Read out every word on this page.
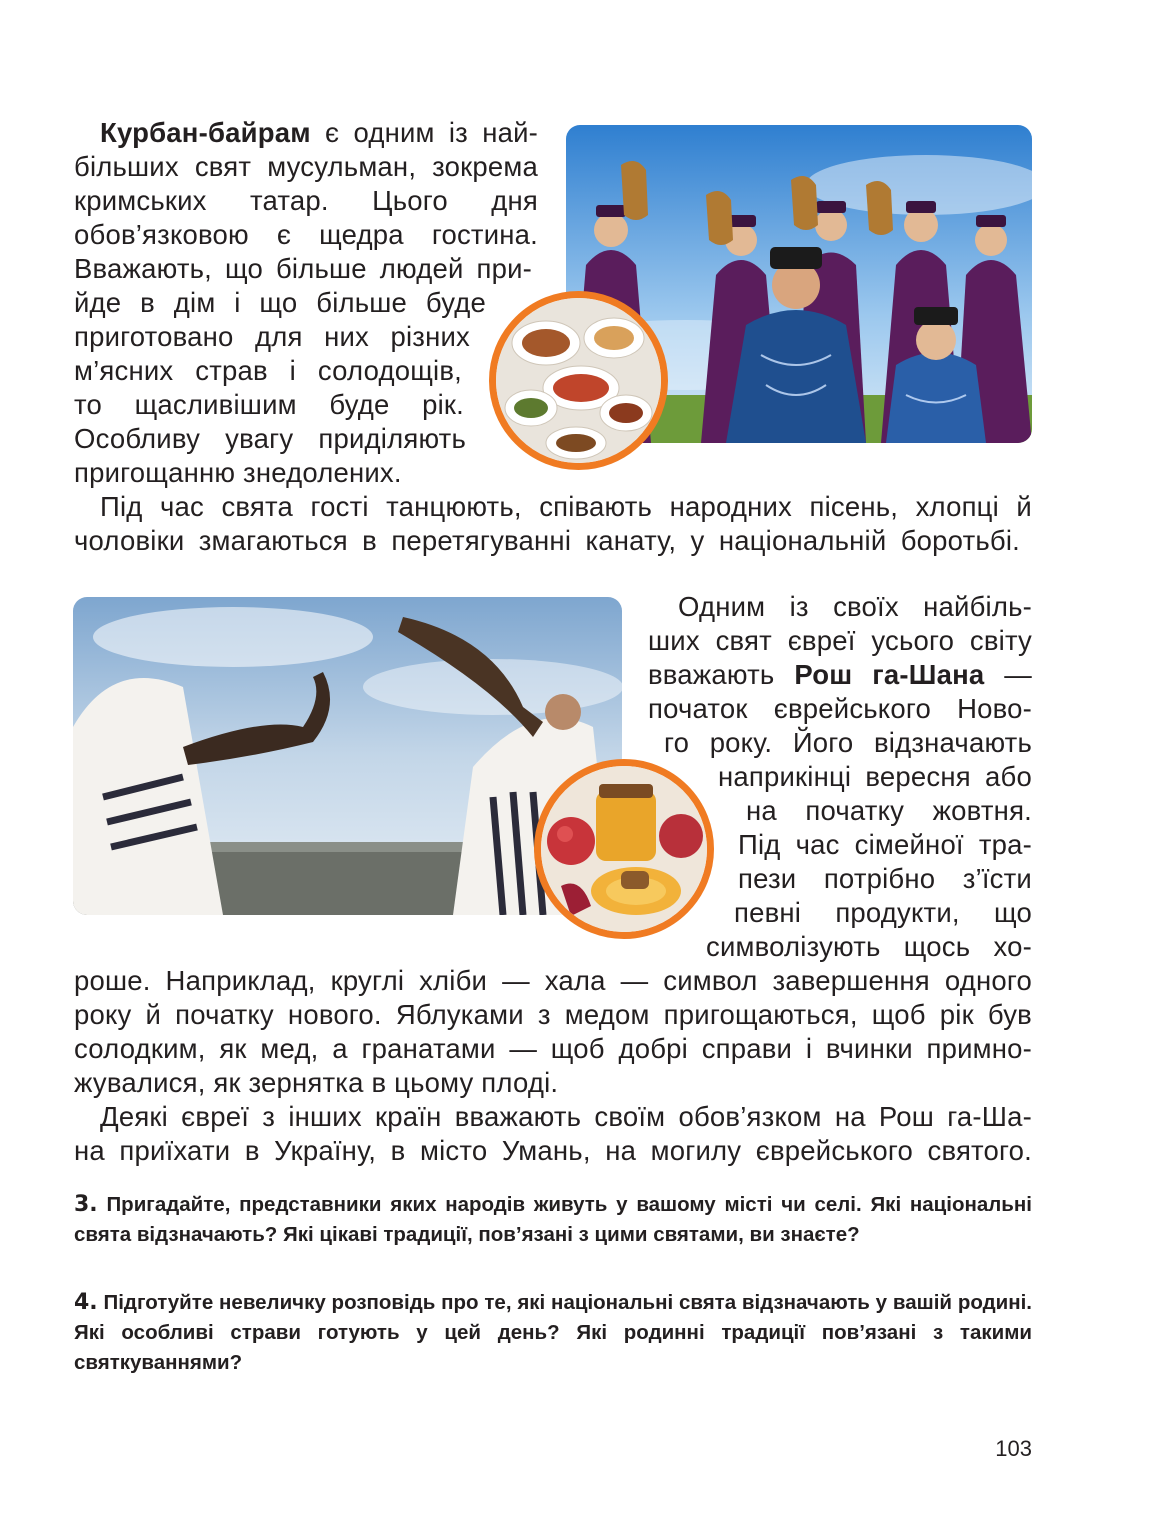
Курбан-байрам є одним із най-
більших свят мусульман, зокрема
кримських татар. Цього дня
обов’язковою є щедра гостина.
Вважають, що більше людей при-
йде в дім і що більше буде
приготовано для них різних
м’ясних страв і солодощів,
то щасливішим буде рік.
Особливу увагу приділяють
пригощанню знедолених.
Під час свята гості танцюють, співають народних пісень, хлопці й
чоловіки змагаються в перетягуванні канату, у національній боротьбі.
Одним із своїх найбіль-
ших свят євреї усього світу
вважають Рош га-Шана —
початок єврейського Ново-
го року. Його відзначають
наприкінці вересня або
на початку жовтня.
Під час сімейної тра-
пези потрібно з’їсти
певні продукти, що
символізують щось хо-
роше. Наприклад, круглі хліби — хала — символ завершення одного
року й початку нового. Яблуками з медом пригощаються, щоб рік був
солодким, як мед, а гранатами — щоб добрі справи і вчинки примно-
жувалися, як зернятка в цьому плоді.
Деякі євреї з інших країн вважають своїм обов’язком на Рош га-Ша-
на приїхати в Україну, в місто Умань, на могилу єврейського святого.
3. Пригадайте, представники яких народів живуть у вашому місті чи селі. Які національні свята відзначають? Які цікаві традиції, пов’язані з цими святами, ви знаєте?
4. Підготуйте невеличку розповідь про те, які національні свята відзначають у вашій родині. Які особливі страви готують у цей день? Які родинні традиції пов’язані з такими святкуваннями?
103
